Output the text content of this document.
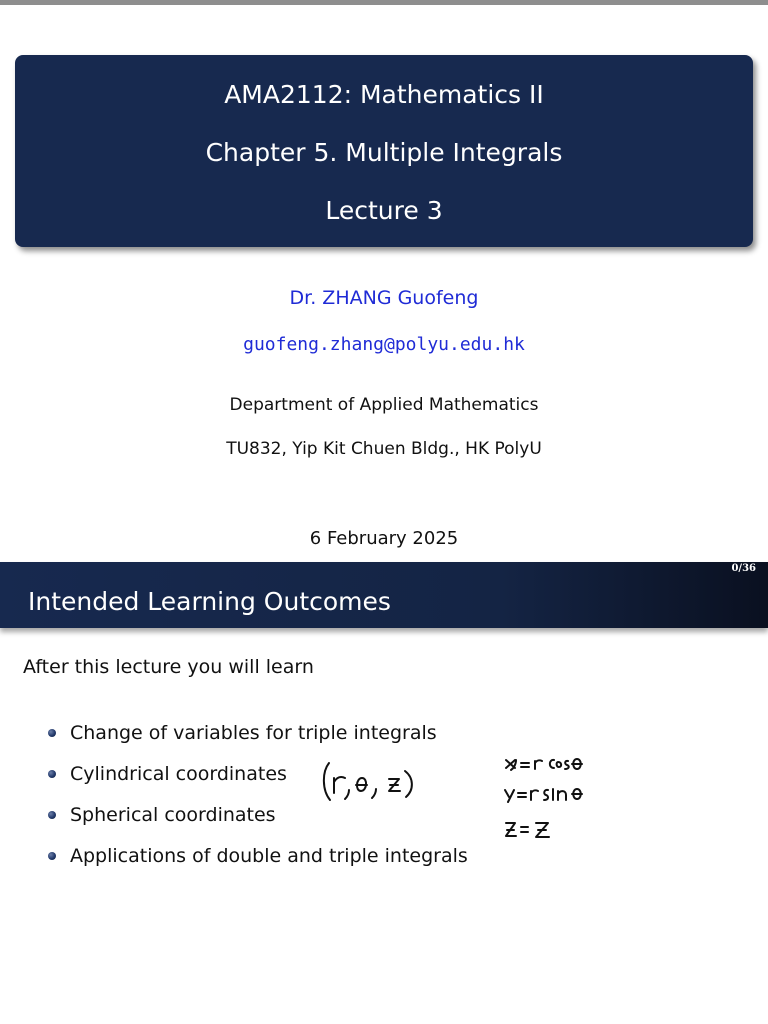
AMA2112: Mathematics II
Chapter 5. Multiple Integrals
Lecture 3
Dr. ZHANG Guofeng
guofeng.zhang@polyu.edu.hk
Department of Applied Mathematics
TU832, Yip Kit Chuen Bldg., HK PolyU
6 February 2025
0/36
Intended Learning Outcomes
After this lecture you will learn
Change of variables for triple integrals
Cylindrical coordinates
Spherical coordinates
Applications of double and triple integrals
